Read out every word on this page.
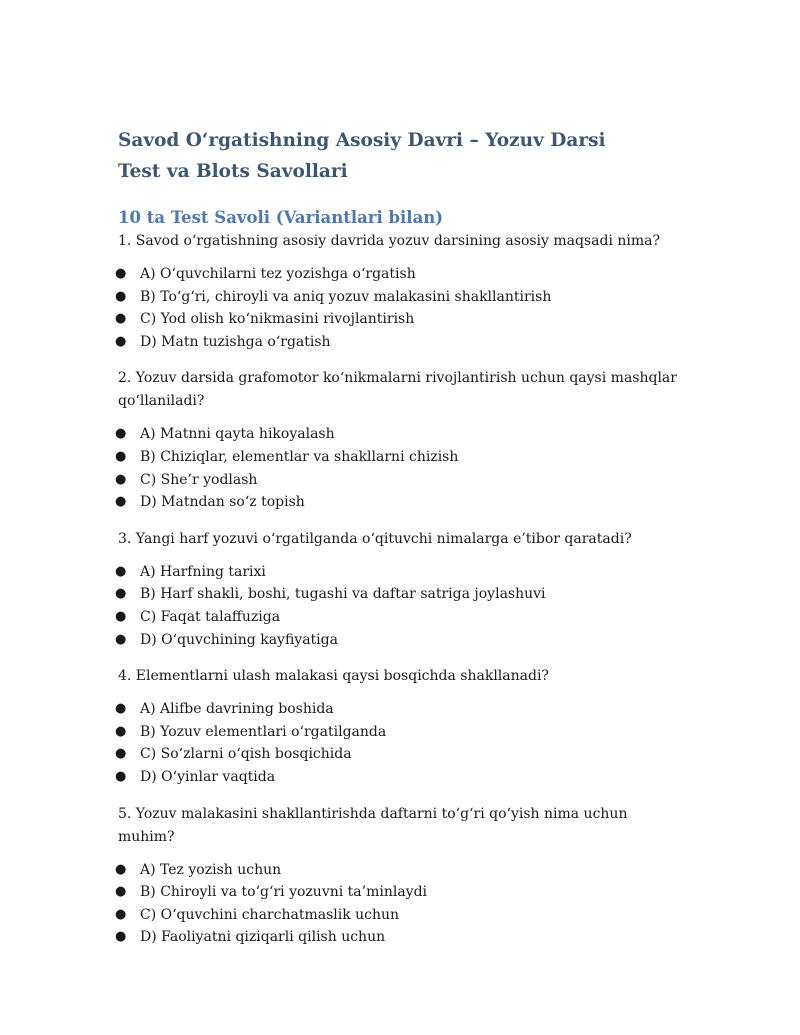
Savod O‘rgatishning Asosiy Davri – Yozuv Darsi
Test va Blots Savollari
10 ta Test Savoli (Variantlari bilan)

1. Savod o‘rgatishning asosiy davrida yozuv darsining asosiy maqsadi nima?

● A) O‘quvchilarni tez yozishga o‘rgatish
● B) To‘g‘ri, chiroyli va aniq yozuv malakasini shakllantirish
● C) Yod olish ko‘nikmasini rivojlantirish
● D) Matn tuzishga o‘rgatish

2. Yozuv darsida grafomotor ko‘nikmalarni rivojlantirish uchun qaysi mashqlar qo‘llaniladi?

● A) Matnni qayta hikoyalash
● B) Chiziqlar, elementlar va shakllarni chizish
● C) She’r yodlash
● D) Matndan so‘z topish

3. Yangi harf yozuvi o‘rgatilganda o‘qituvchi nimalarga e’tibor qaratadi?

● A) Harfning tarixi
● B) Harf shakli, boshi, tugashi va daftar satriga joylashuvi
● C) Faqat talaffuziga
● D) O‘quvchining kayfiyatiga

4. Elementlarni ulash malakasi qaysi bosqichda shakllanadi?

● A) Alifbe davrining boshida
● B) Yozuv elementlari o‘rgatilganda
● C) So‘zlarni o‘qish bosqichida
● D) O‘yinlar vaqtida

5. Yozuv malakasini shakllantirishda daftarni to‘g‘ri qo‘yish nima uchun muhim?

● A) Tez yozish uchun
● B) Chiroyli va to‘g‘ri yozuvni ta’minlaydi
● C) O‘quvchini charchatmaslik uchun
● D) Faoliyatni qiziqarli qilish uchun
